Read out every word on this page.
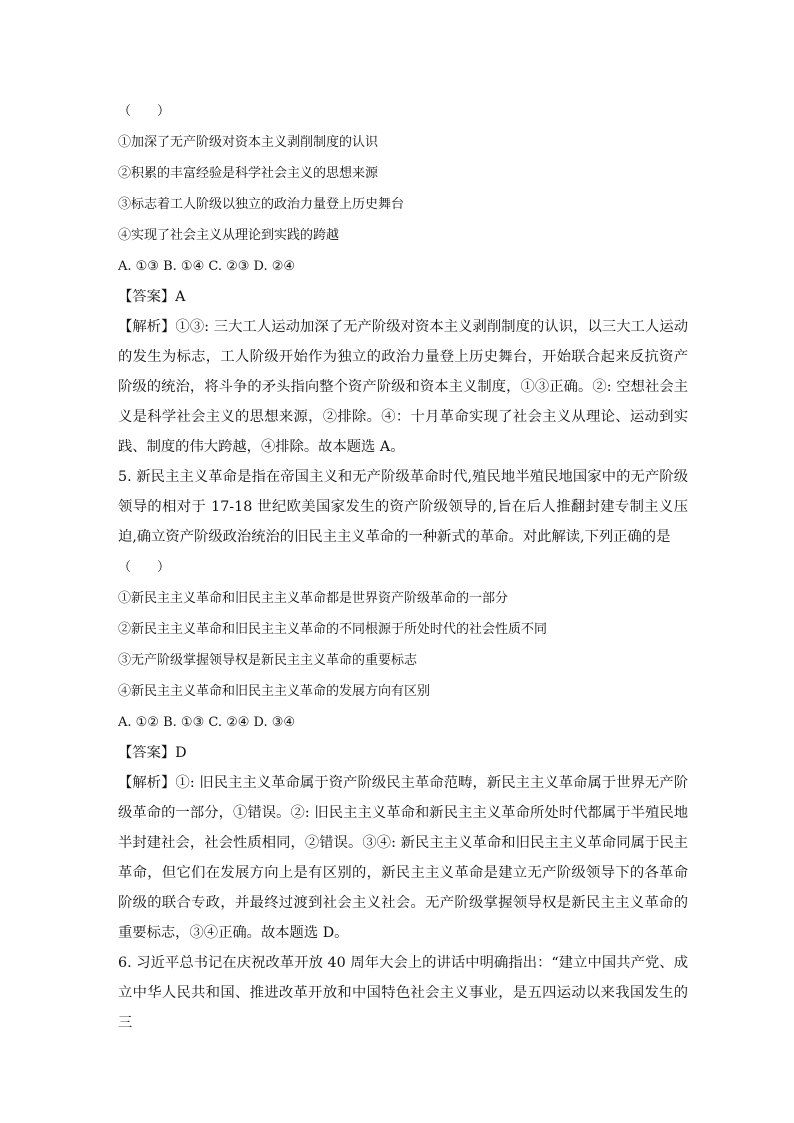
（　　）
①加深了无产阶级对资本主义剥削制度的认识
②积累的丰富经验是科学社会主义的思想来源
③标志着工人阶级以独立的政治力量登上历史舞台
④实现了社会主义从理论到实践的跨越
A. ①③ B. ①④ C. ②③ D. ②④
【答案】A

【解析】①③: 三大工人运动加深了无产阶级对资本主义剥削制度的认识，以三大工人运动的发生为标志，工人阶级开始作为独立的政治力量登上历史舞台，开始联合起来反抗资产阶级的统治，将斗争的矛头指向整个资产阶级和资本主义制度，①③正确。②: 空想社会主义是科学社会主义的思想来源，②排除。④：十月革命实现了社会主义从理论、运动到实践、制度的伟大跨越，④排除。故本题选 A。

5. 新民主主义革命是指在帝国主义和无产阶级革命时代,殖民地半殖民地国家中的无产阶级领导的相对于 17-18 世纪欧美国家发生的资产阶级领导的,旨在后人推翻封建专制主义压迫,确立资产阶级政治统治的旧民主主义革命的一种新式的革命。对此解读,下列正确的是

（　　）
①新民主主义革命和旧民主主义革命都是世界资产阶级革命的一部分
②新民主主义革命和旧民主主义革命的不同根源于所处时代的社会性质不同
③无产阶级掌握领导权是新民主主义革命的重要标志
④新民主主义革命和旧民主主义革命的发展方向有区别
A. ①② B. ①③ C. ②④ D. ③④
【答案】D

【解析】①: 旧民主主义革命属于资产阶级民主革命范畴，新民主主义革命属于世界无产阶级革命的一部分，①错误。②: 旧民主主义革命和新民主主义革命所处时代都属于半殖民地半封建社会，社会性质相同，②错误。③④: 新民主主义革命和旧民主主义革命同属于民主革命，但它们在发展方向上是有区别的，新民主主义革命是建立无产阶级领导下的各革命阶级的联合专政，并最终过渡到社会主义社会。无产阶级掌握领导权是新民主主义革命的重要标志，③④正确。故本题选 D。

6. 习近平总书记在庆祝改革开放 40 周年大会上的讲话中明确指出：“建立中国共产党、成立中华人民共和国、推进改革开放和中国特色社会主义事业，是五四运动以来我国发生的三
